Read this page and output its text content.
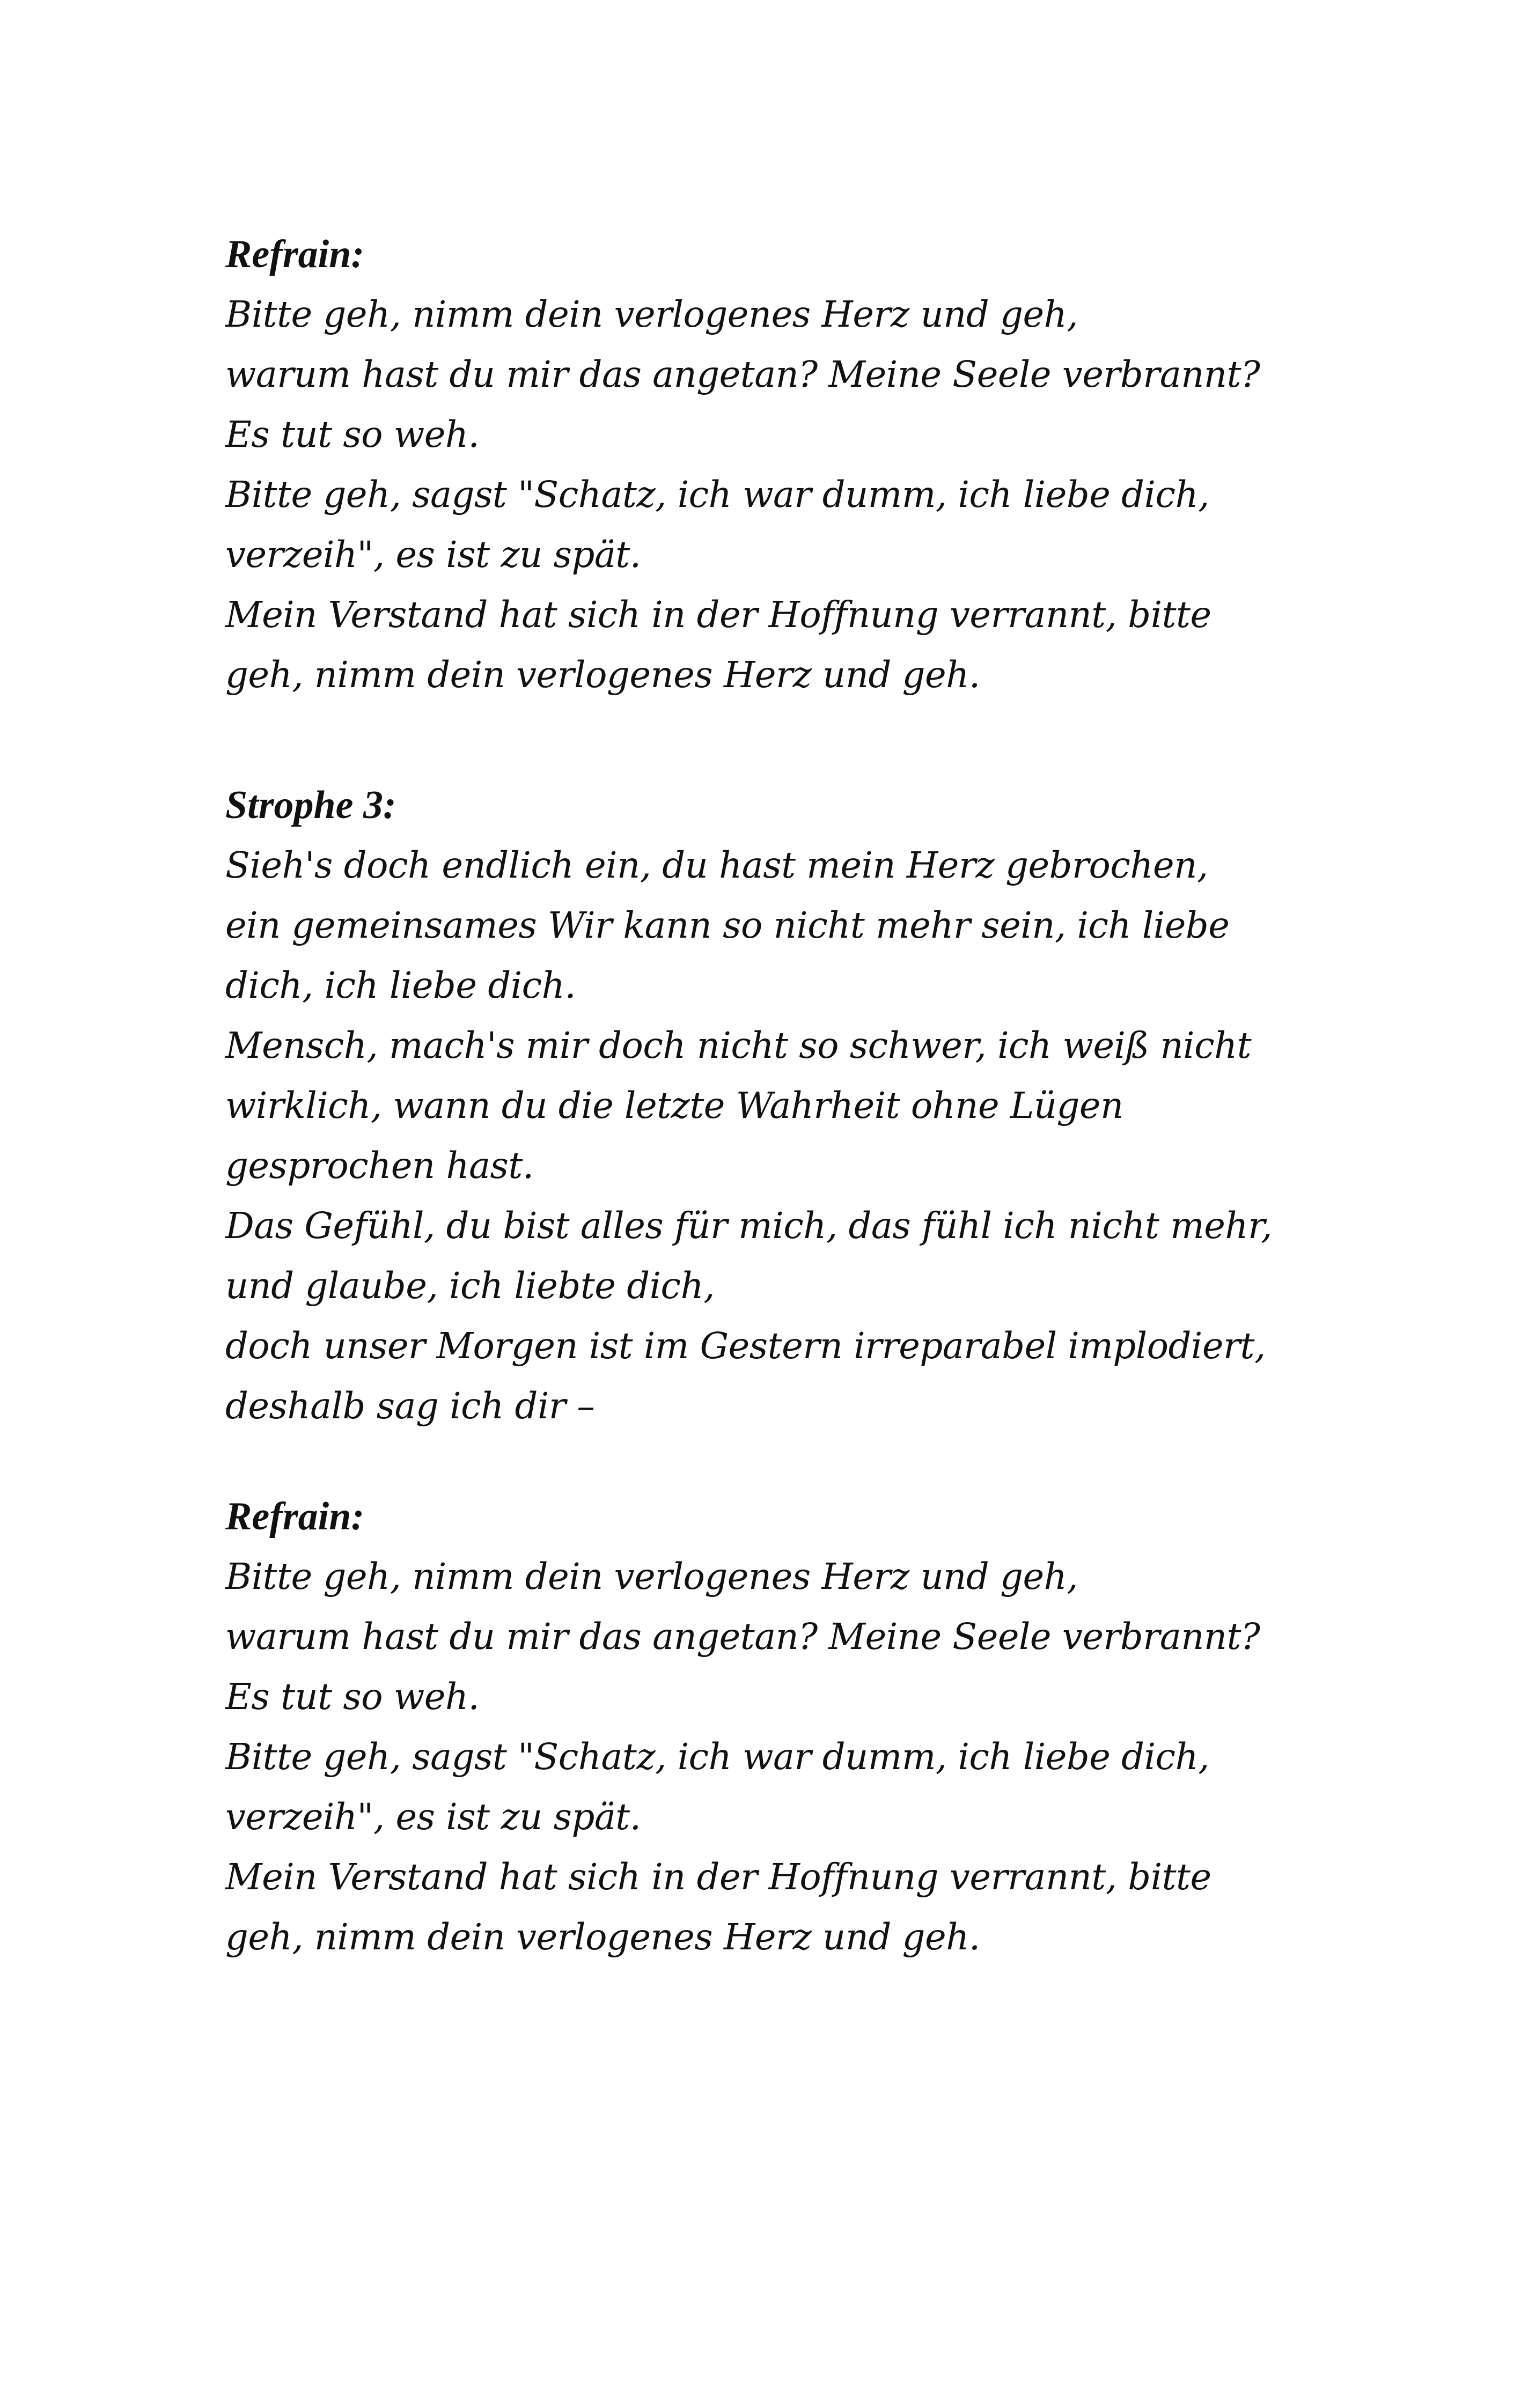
Refrain:

Bitte geh, nimm dein verlogenes Herz und geh,

warum hast du mir das angetan? Meine Seele verbrannt?

Es tut so weh.

Bitte geh, sagst "Schatz, ich war dumm, ich liebe dich,

verzeih", es ist zu spät.

Mein Verstand hat sich in der Hoffnung verrannt, bitte

geh, nimm dein verlogenes Herz und geh.

Strophe 3:

Sieh's doch endlich ein, du hast mein Herz gebrochen,

ein gemeinsames Wir kann so nicht mehr sein, ich liebe

dich, ich liebe dich.

Mensch, mach's mir doch nicht so schwer, ich weiß nicht

wirklich, wann du die letzte Wahrheit ohne Lügen

gesprochen hast.

Das Gefühl, du bist alles für mich, das fühl ich nicht mehr,

und glaube, ich liebte dich,

doch unser Morgen ist im Gestern irreparabel implodiert,

deshalb sag ich dir –

Refrain:

Bitte geh, nimm dein verlogenes Herz und geh,

warum hast du mir das angetan? Meine Seele verbrannt?

Es tut so weh.

Bitte geh, sagst "Schatz, ich war dumm, ich liebe dich,

verzeih", es ist zu spät.

Mein Verstand hat sich in der Hoffnung verrannt, bitte

geh, nimm dein verlogenes Herz und geh.
